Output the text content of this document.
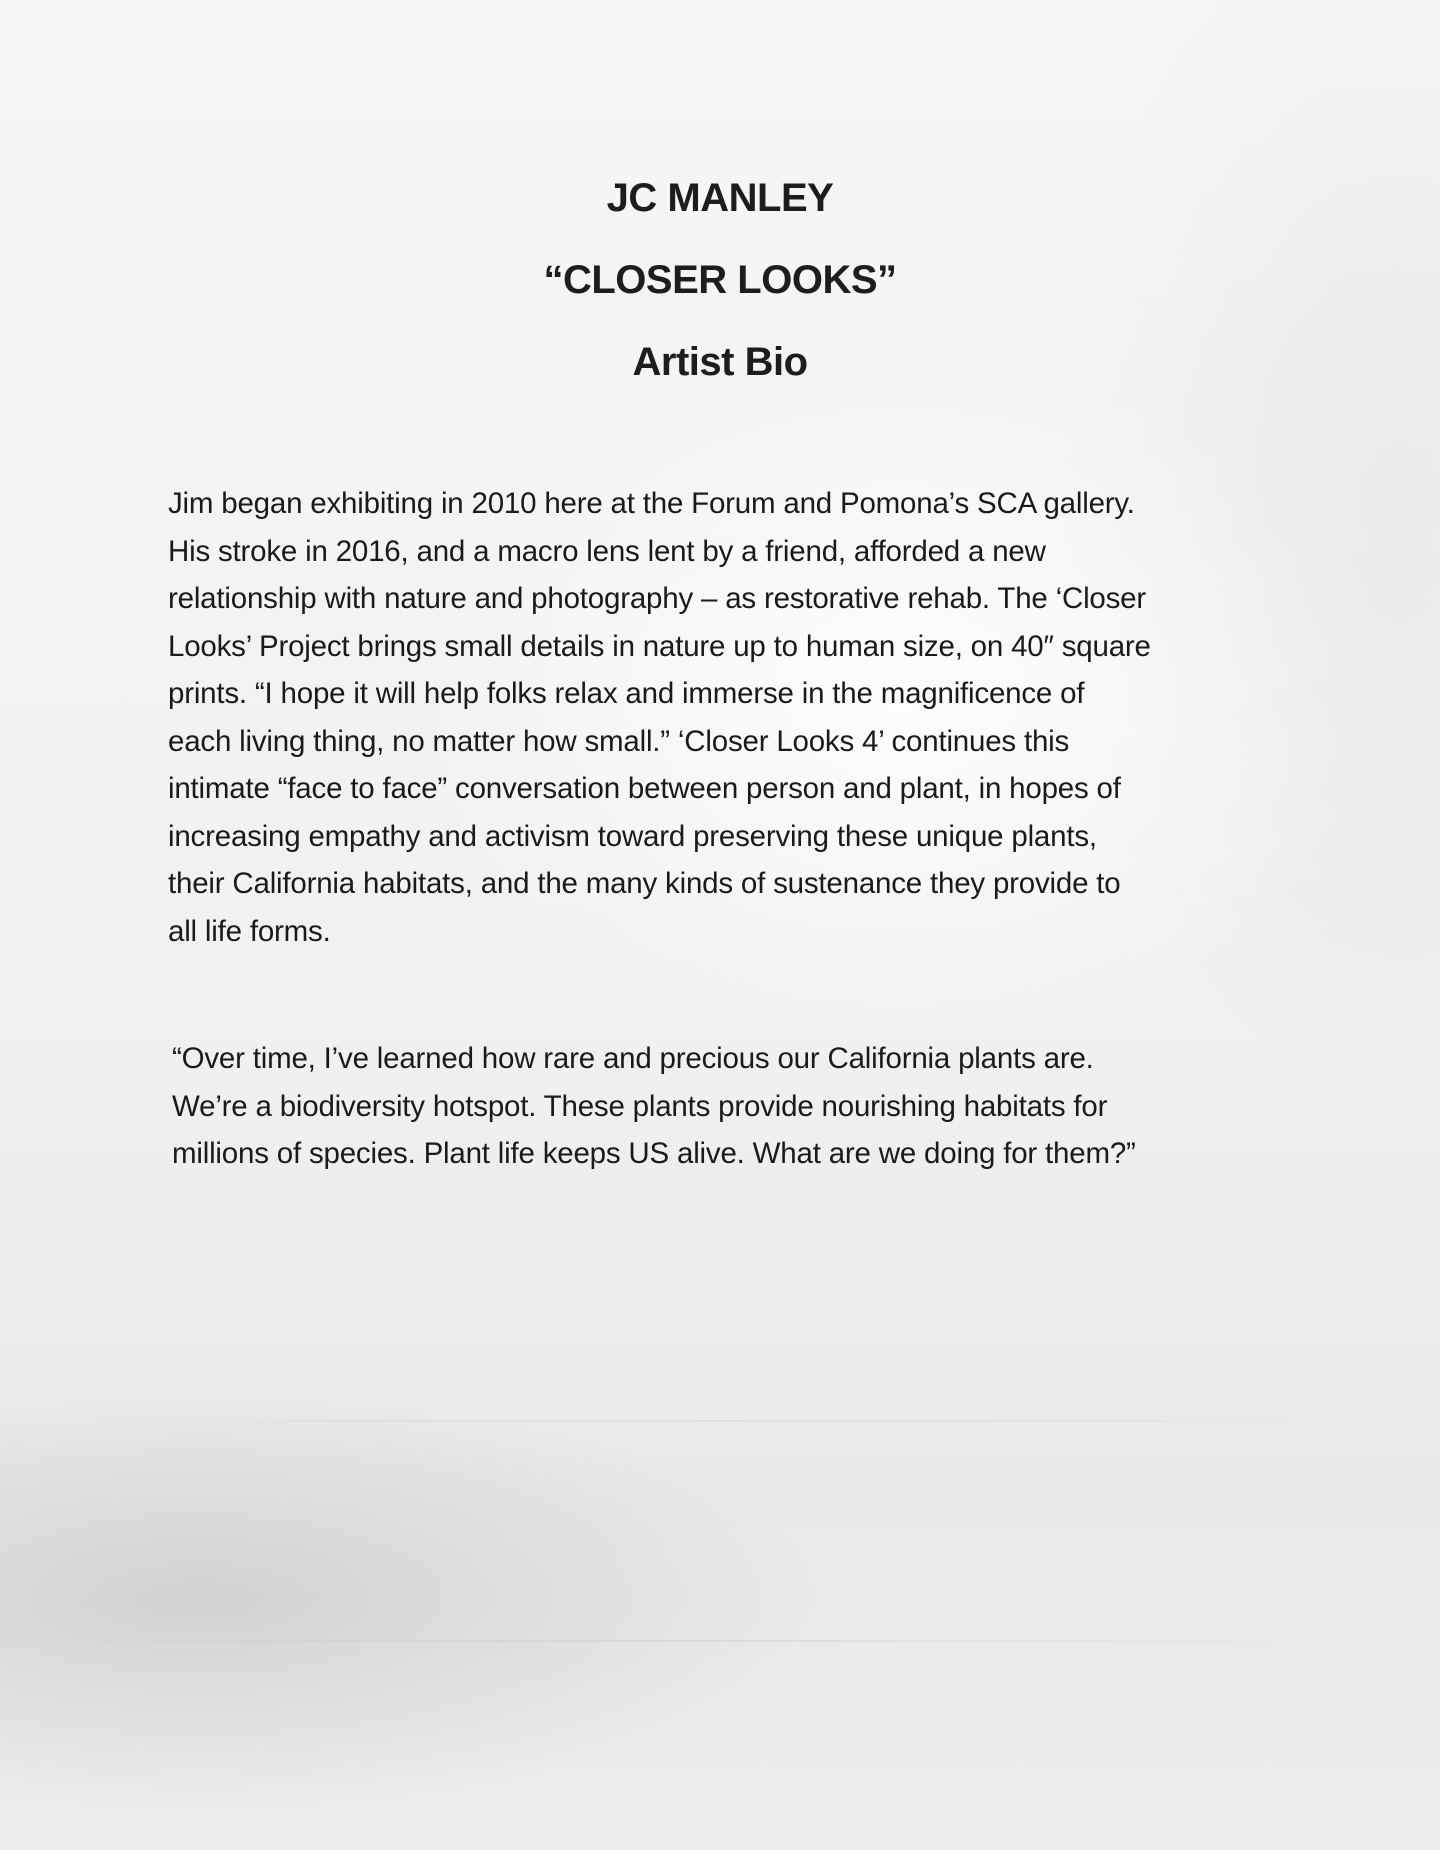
JC MANLEY
“CLOSER LOOKS”
Artist Bio

Jim began exhibiting in 2010 here at the Forum and Pomona’s SCA gallery.
His stroke in 2016, and a macro lens lent by a friend, afforded a new
relationship with nature and photography – as restorative rehab. The ‘Closer
Looks’ Project brings small details in nature up to human size, on 40″ square
prints. “I hope it will help folks relax and immerse in the magnificence of
each living thing, no matter how small.” ‘Closer Looks 4’ continues this
intimate “face to face” conversation between person and plant, in hopes of
increasing empathy and activism toward preserving these unique plants,
their California habitats, and the many kinds of sustenance they provide to
all life forms.

“Over time, I’ve learned how rare and precious our California plants are.
We’re a biodiversity hotspot. These plants provide nourishing habitats for
millions of species. Plant life keeps US alive. What are we doing for them?”
